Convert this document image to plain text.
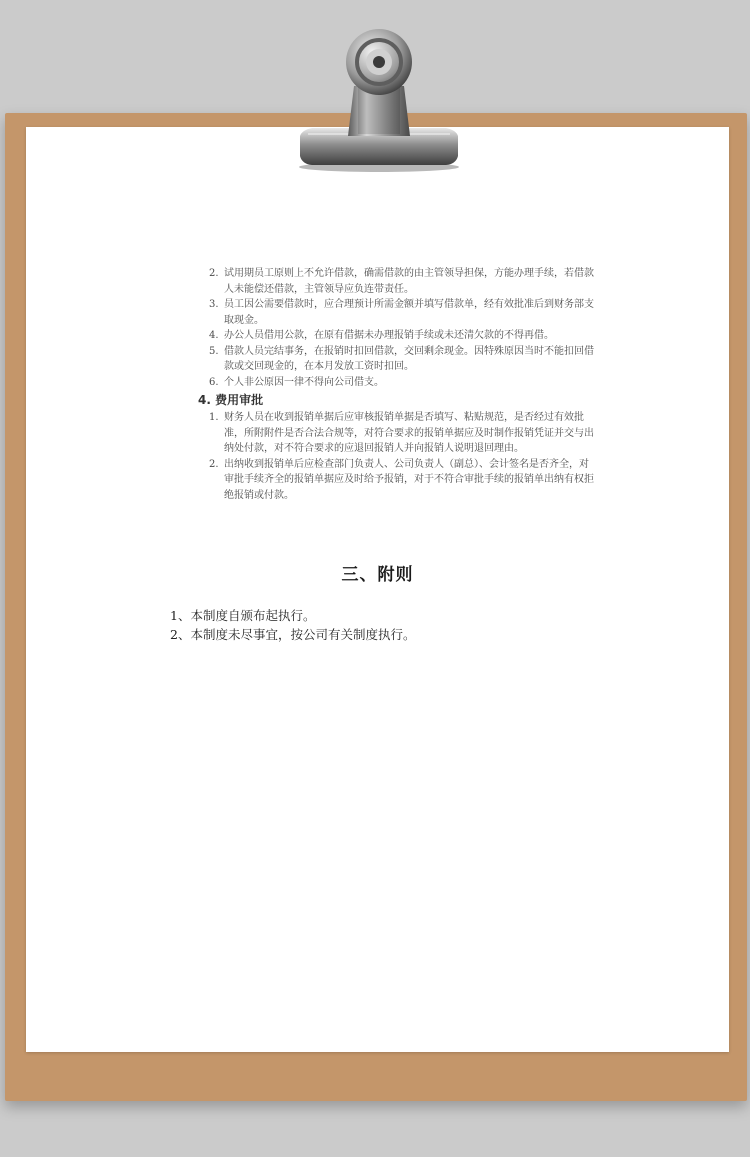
2. 试用期员工原则上不允许借款，确需借款的由主管领导担保，方能办理手续，若借款人未能偿还借款，主管领导应负连带责任。

3. 员工因公需要借款时，应合理预计所需金额并填写借款单，经有效批准后到财务部支取现金。

4. 办公人员借用公款，在原有借据未办理报销手续或未还清欠款的不得再借。

5. 借款人员完结事务，在报销时扣回借款，交回剩余现金。因特殊原因当时不能扣回借款或交回现金的，在本月发放工资时扣回。

6. 个人非公原因一律不得向公司借支。

4. 费用审批

1. 财务人员在收到报销单据后应审核报销单据是否填写、粘贴规范，是否经过有效批准，所附附件是否合法合规等，对符合要求的报销单据应及时制作报销凭证并交与出纳处付款，对不符合要求的应退回报销人并向报销人说明退回理由。

2. 出纳收到报销单后应检查部门负责人、公司负责人（副总）、会计签名是否齐全，对审批手续齐全的报销单据应及时给予报销，对于不符合审批手续的报销单出纳有权拒绝报销或付款。

三、附则
1、本制度自颁布起执行。
2、本制度未尽事宜，按公司有关制度执行。
